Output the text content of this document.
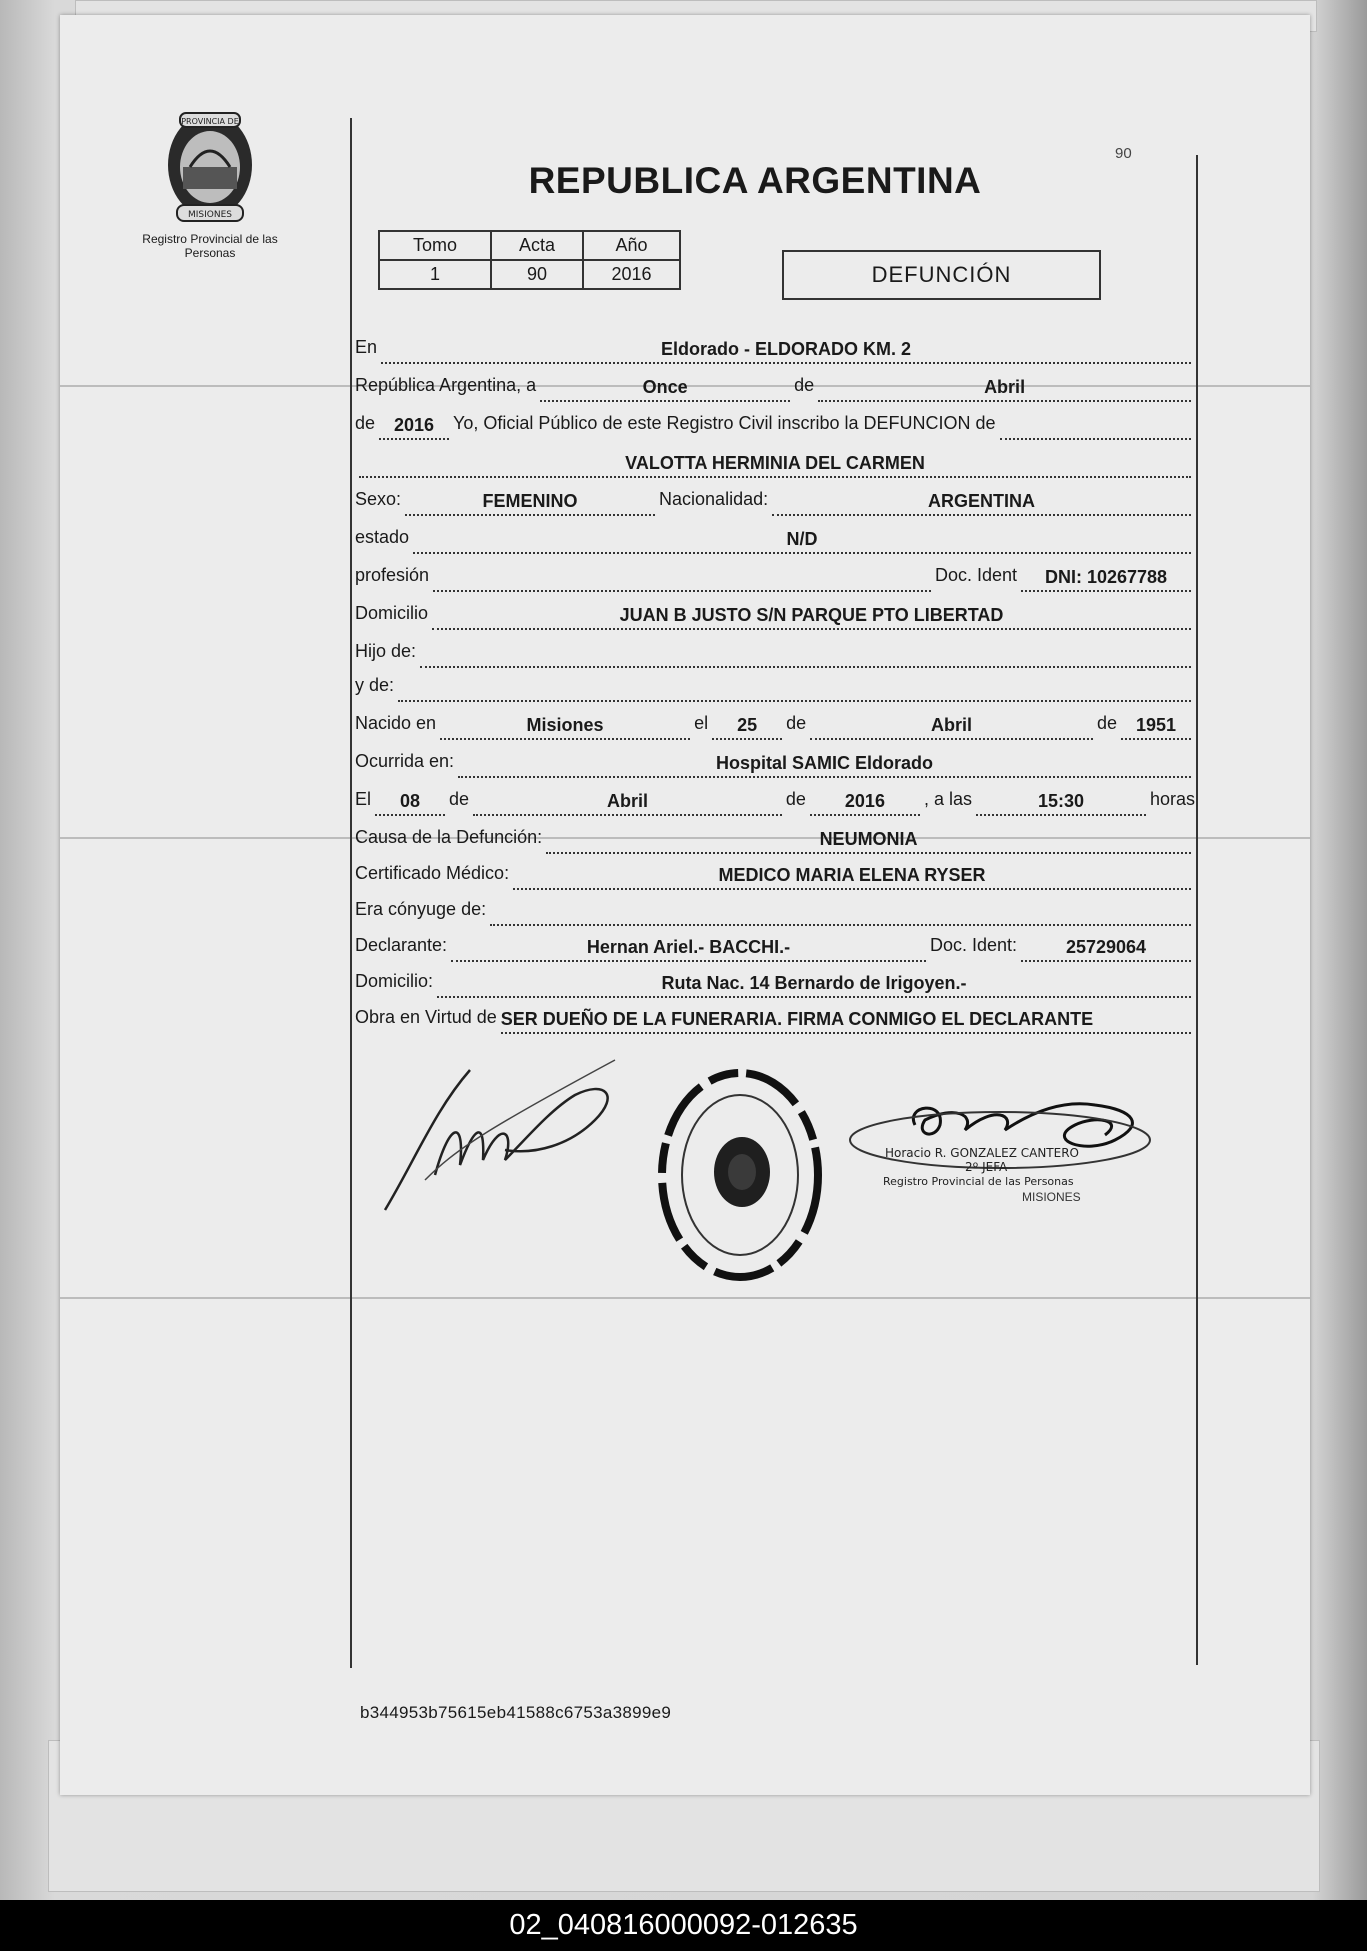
PROVINCIA DE
MISIONES
Registro Provincial de las Personas
90
REPUBLICA ARGENTINA
Tomo	Acta	Año
1	90	2016	DEFUNCIÓN
En	Eldorado - ELDORADO KM. 2
República Argentina, a	Once	de	Abril
de	2016	Yo, Oficial Público de este Registro Civil inscribo la DEFUNCION de
VALOTTA HERMINIA DEL CARMEN
Sexo:	FEMENINO	Nacionalidad:	ARGENTINA
estado	N/D
profesión	Doc. Ident	DNI: 10267788
Domicilio	JUAN B JUSTO S/N PARQUE PTO LIBERTAD
Hijo de:
y de:
Nacido en	Misiones	el	25	de	Abril	de	1951
Ocurrida en:	Hospital SAMIC Eldorado
El	08	de	Abril	de	2016	, a las	15:30	horas
Causa de la Defunción:	NEUMONIA
Certificado Médico:	MEDICO MARIA ELENA RYSER
Era cónyuge de:
Declarante:	Hernan Ariel.- BACCHI.-	Doc. Ident:	25729064
Domicilio:	Ruta Nac. 14 Bernardo de Irigoyen.-
Obra en Virtud de SER DUEÑO DE LA FUNERARIA. FIRMA CONMIGO EL DECLARANTE
Horacio R. GONZALEZ CANTERO
2º JEFA
Registro Provincial de las Personas
MISIONES
b344953b75615eb41588c6753a3899e9
02_040816000092-012635
